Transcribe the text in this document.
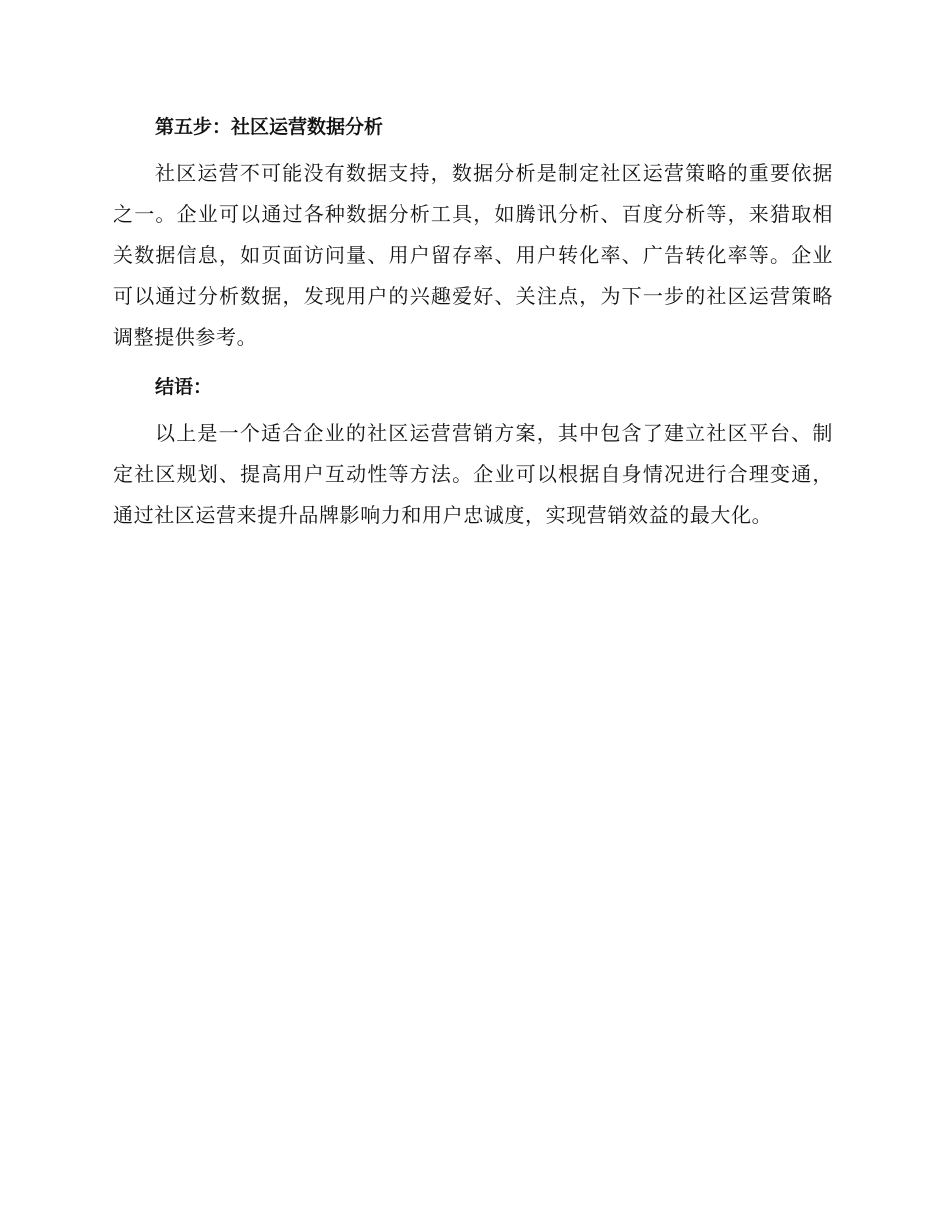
第五步：社区运营数据分析

社区运营不可能没有数据支持，数据分析是制定社区运营策略的重要依据之一。企业可以通过各种数据分析工具，如腾讯分析、百度分析等，来猎取相关数据信息，如页面访问量、用户留存率、用户转化率、广告转化率等。企业可以通过分析数据，发现用户的兴趣爱好、关注点，为下一步的社区运营策略调整提供参考。

结语：

以上是一个适合企业的社区运营营销方案，其中包含了建立社区平台、制定社区规划、提高用户互动性等方法。企业可以根据自身情况进行合理变通，通过社区运营来提升品牌影响力和用户忠诚度，实现营销效益的最大化。
